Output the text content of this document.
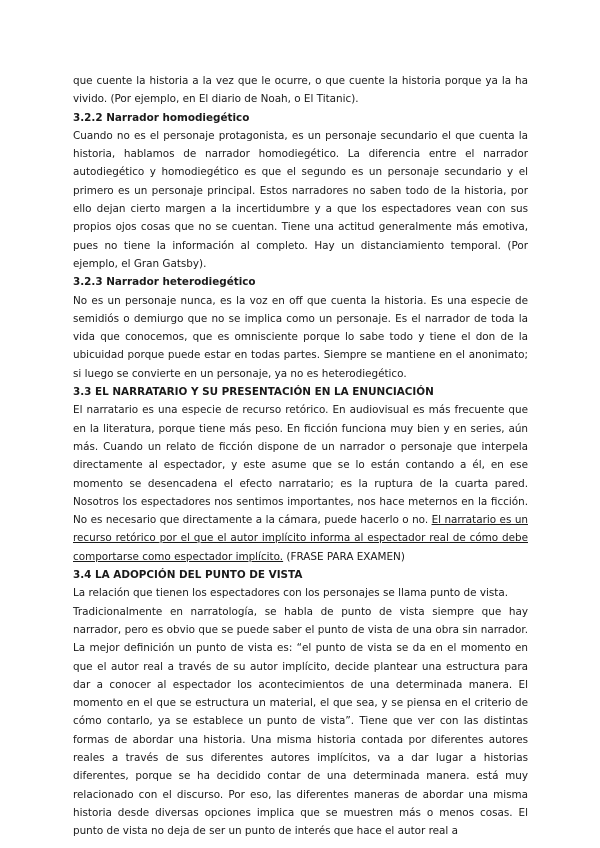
que cuente la historia a la vez que le ocurre, o que cuente la historia porque ya la ha vivido. (Por ejemplo, en El diario de Noah, o El Titanic).

3.2.2 Narrador homodiegético

Cuando no es el personaje protagonista, es un personaje secundario el que cuenta la historia, hablamos de narrador homodiegético. La diferencia entre el narrador autodiegético y homodiegético es que el segundo es un personaje secundario y el primero es un personaje principal. Estos narradores no saben todo de la historia, por ello dejan cierto margen a la incertidumbre y a que los espectadores vean con sus propios ojos cosas que no se cuentan. Tiene una actitud generalmente más emotiva, pues no tiene la información al completo. Hay un distanciamiento temporal. (Por ejemplo, el Gran Gatsby).

3.2.3 Narrador heterodiegético

No es un personaje nunca, es la voz en off que cuenta la historia. Es una especie de semidiós o demiurgo que no se implica como un personaje. Es el narrador de toda la vida que conocemos, que es omnisciente porque lo sabe todo y tiene el don de la ubicuidad porque puede estar en todas partes. Siempre se mantiene en el anonimato; si luego se convierte en un personaje, ya no es heterodiegético.

3.3 EL NARRATARIO Y SU PRESENTACIÓN EN LA ENUNCIACIÓN

El narratario es una especie de recurso retórico. En audiovisual es más frecuente que en la literatura, porque tiene más peso. En ficción funciona muy bien y en series, aún más. Cuando un relato de ficción dispone de un narrador o personaje que interpela directamente al espectador, y este asume que se lo están contando a él, en ese momento se desencadena el efecto narratario; es la ruptura de la cuarta pared. Nosotros los espectadores nos sentimos importantes, nos hace meternos en la ficción. No es necesario que directamente a la cámara, puede hacerlo o no. El narratario es un recurso retórico por el que el autor implícito informa al espectador real de cómo debe comportarse como espectador implícito. (FRASE PARA EXAMEN)

3.4 LA ADOPCIÓN DEL PUNTO DE VISTA

La relación que tienen los espectadores con los personajes se llama punto de vista.

Tradicionalmente en narratología, se habla de punto de vista siempre que hay narrador, pero es obvio que se puede saber el punto de vista de una obra sin narrador. La mejor definición un punto de vista es: “el punto de vista se da en el momento en que el autor real a través de su autor implícito, decide plantear una estructura para dar a conocer al espectador los acontecimientos de una determinada manera. El momento en el que se estructura un material, el que sea, y se piensa en el criterio de cómo contarlo, ya se establece un punto de vista”. Tiene que ver con las distintas formas de abordar una historia. Una misma historia contada por diferentes autores reales a través de sus diferentes autores implícitos, va a dar lugar a historias diferentes, porque se ha decidido contar de una determinada manera. está muy relacionado con el discurso. Por eso, las diferentes maneras de abordar una misma historia desde diversas opciones implica que se muestren más o menos cosas. El punto de vista no deja de ser un punto de interés que hace el autor real a
